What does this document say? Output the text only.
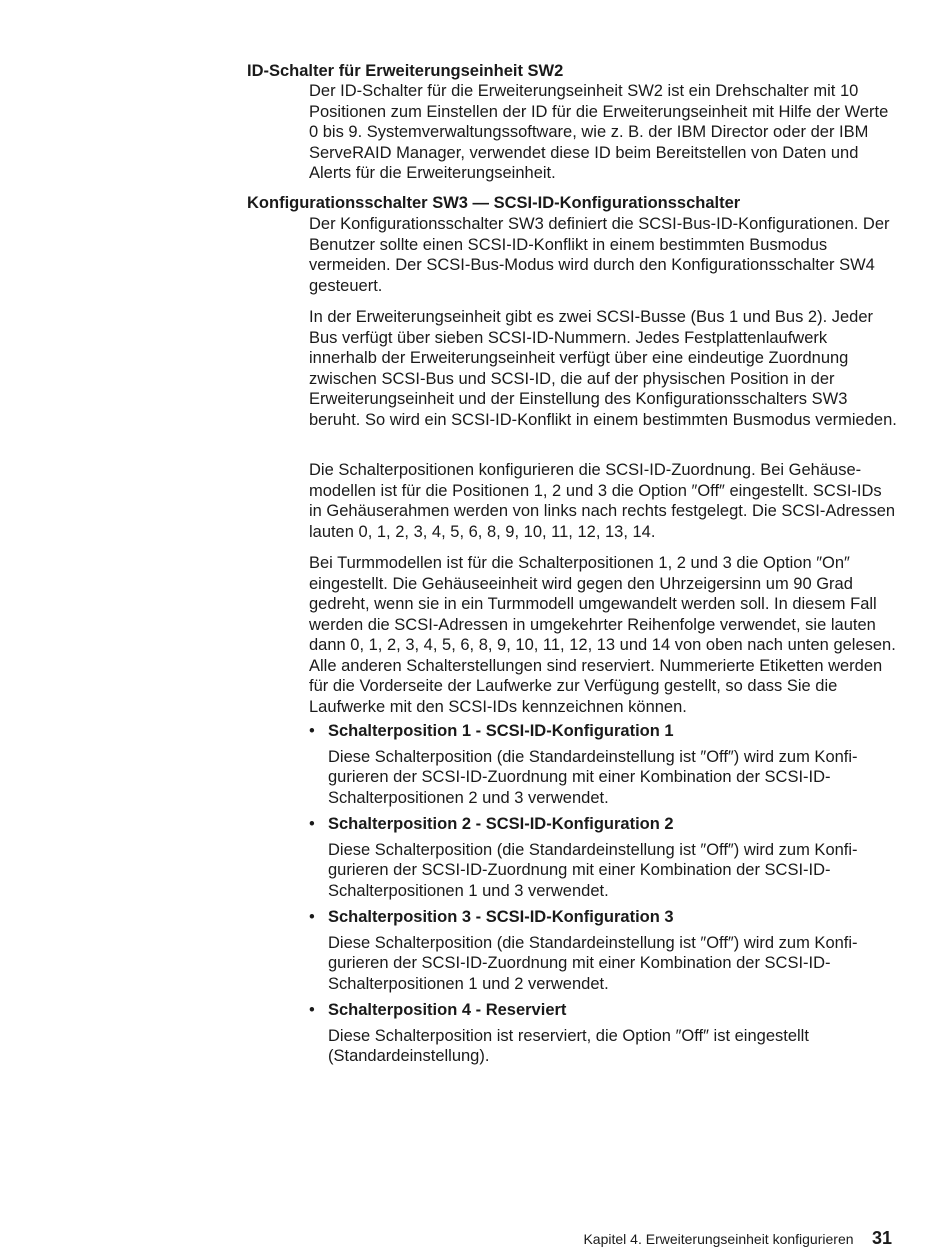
ID-Schalter für Erweiterungseinheit SW2

Der ID-Schalter für die Erweiterungseinheit SW2 ist ein Drehschalter mit 10 Positionen zum Einstellen der ID für die Erweiterungseinheit mit Hilfe der Werte 0 bis 9. Systemverwaltungssoftware, wie z. B. der IBM Director oder der IBM ServeRAID Manager, verwendet diese ID beim Bereitstellen von Daten und Alerts für die Erweiterungseinheit.

Konfigurationsschalter SW3 — SCSI-ID-Konfigurationsschalter

Der Konfigurationsschalter SW3 definiert die SCSI-Bus-ID-Konfigurationen. Der Benutzer sollte einen SCSI-ID-Konflikt in einem bestimmten Busmodus vermeiden. Der SCSI-Bus-Modus wird durch den Konfigurationsschalter SW4 gesteuert.

In der Erweiterungseinheit gibt es zwei SCSI-Busse (Bus 1 und Bus 2). Jeder Bus verfügt über sieben SCSI-ID-Nummern. Jedes Festplattenlaufwerk innerhalb der Erweiterungseinheit verfügt über eine eindeutige Zuordnung zwischen SCSI-Bus und SCSI-ID, die auf der physischen Position in der Erweiterungseinheit und der Einstellung des Konfigurationsschalters SW3 beruht. So wird ein SCSI-ID-Konflikt in einem bestimmten Busmodus vermieden.

Die Schalterpositionen konfigurieren die SCSI-ID-Zuordnung. Bei Gehäusemodellen ist für die Positionen 1, 2 und 3 die Option ″Off″ eingestellt. SCSI-IDs in Gehäuserahmen werden von links nach rechts festgelegt. Die SCSI-Adressen lauten 0, 1, 2, 3, 4, 5, 6, 8, 9, 10, 11, 12, 13, 14.

Bei Turmmodellen ist für die Schalterpositionen 1, 2 und 3 die Option ″On″ eingestellt. Die Gehäuseeinheit wird gegen den Uhrzeigersinn um 90 Grad gedreht, wenn sie in ein Turmmodell umgewandelt werden soll. In diesem Fall werden die SCSI-Adressen in umgekehrter Reihenfolge verwendet, sie lauten dann 0, 1, 2, 3, 4, 5, 6, 8, 9, 10, 11, 12, 13 und 14 von oben nach unten gelesen. Alle anderen Schalterstellungen sind reserviert. Nummerierte Etiketten werden für die Vorderseite der Laufwerke zur Verfügung gestellt, so dass Sie die Laufwerke mit den SCSI-IDs kennzeichnen können.

• Schalterposition 1 - SCSI-ID-Konfiguration 1
Diese Schalterposition (die Standardeinstellung ist ″Off″) wird zum Konfigurieren der SCSI-ID-Zuordnung mit einer Kombination der SCSI-ID-Schalterpositionen 2 und 3 verwendet.
• Schalterposition 2 - SCSI-ID-Konfiguration 2
Diese Schalterposition (die Standardeinstellung ist ″Off″) wird zum Konfigurieren der SCSI-ID-Zuordnung mit einer Kombination der SCSI-ID-Schalterpositionen 1 und 3 verwendet.
• Schalterposition 3 - SCSI-ID-Konfiguration 3
Diese Schalterposition (die Standardeinstellung ist ″Off″) wird zum Konfigurieren der SCSI-ID-Zuordnung mit einer Kombination der SCSI-ID-Schalterpositionen 1 und 2 verwendet.
• Schalterposition 4 - Reserviert
Diese Schalterposition ist reserviert, die Option ″Off″ ist eingestellt (Standardeinstellung).
Kapitel 4. Erweiterungseinheit konfigurieren 31
